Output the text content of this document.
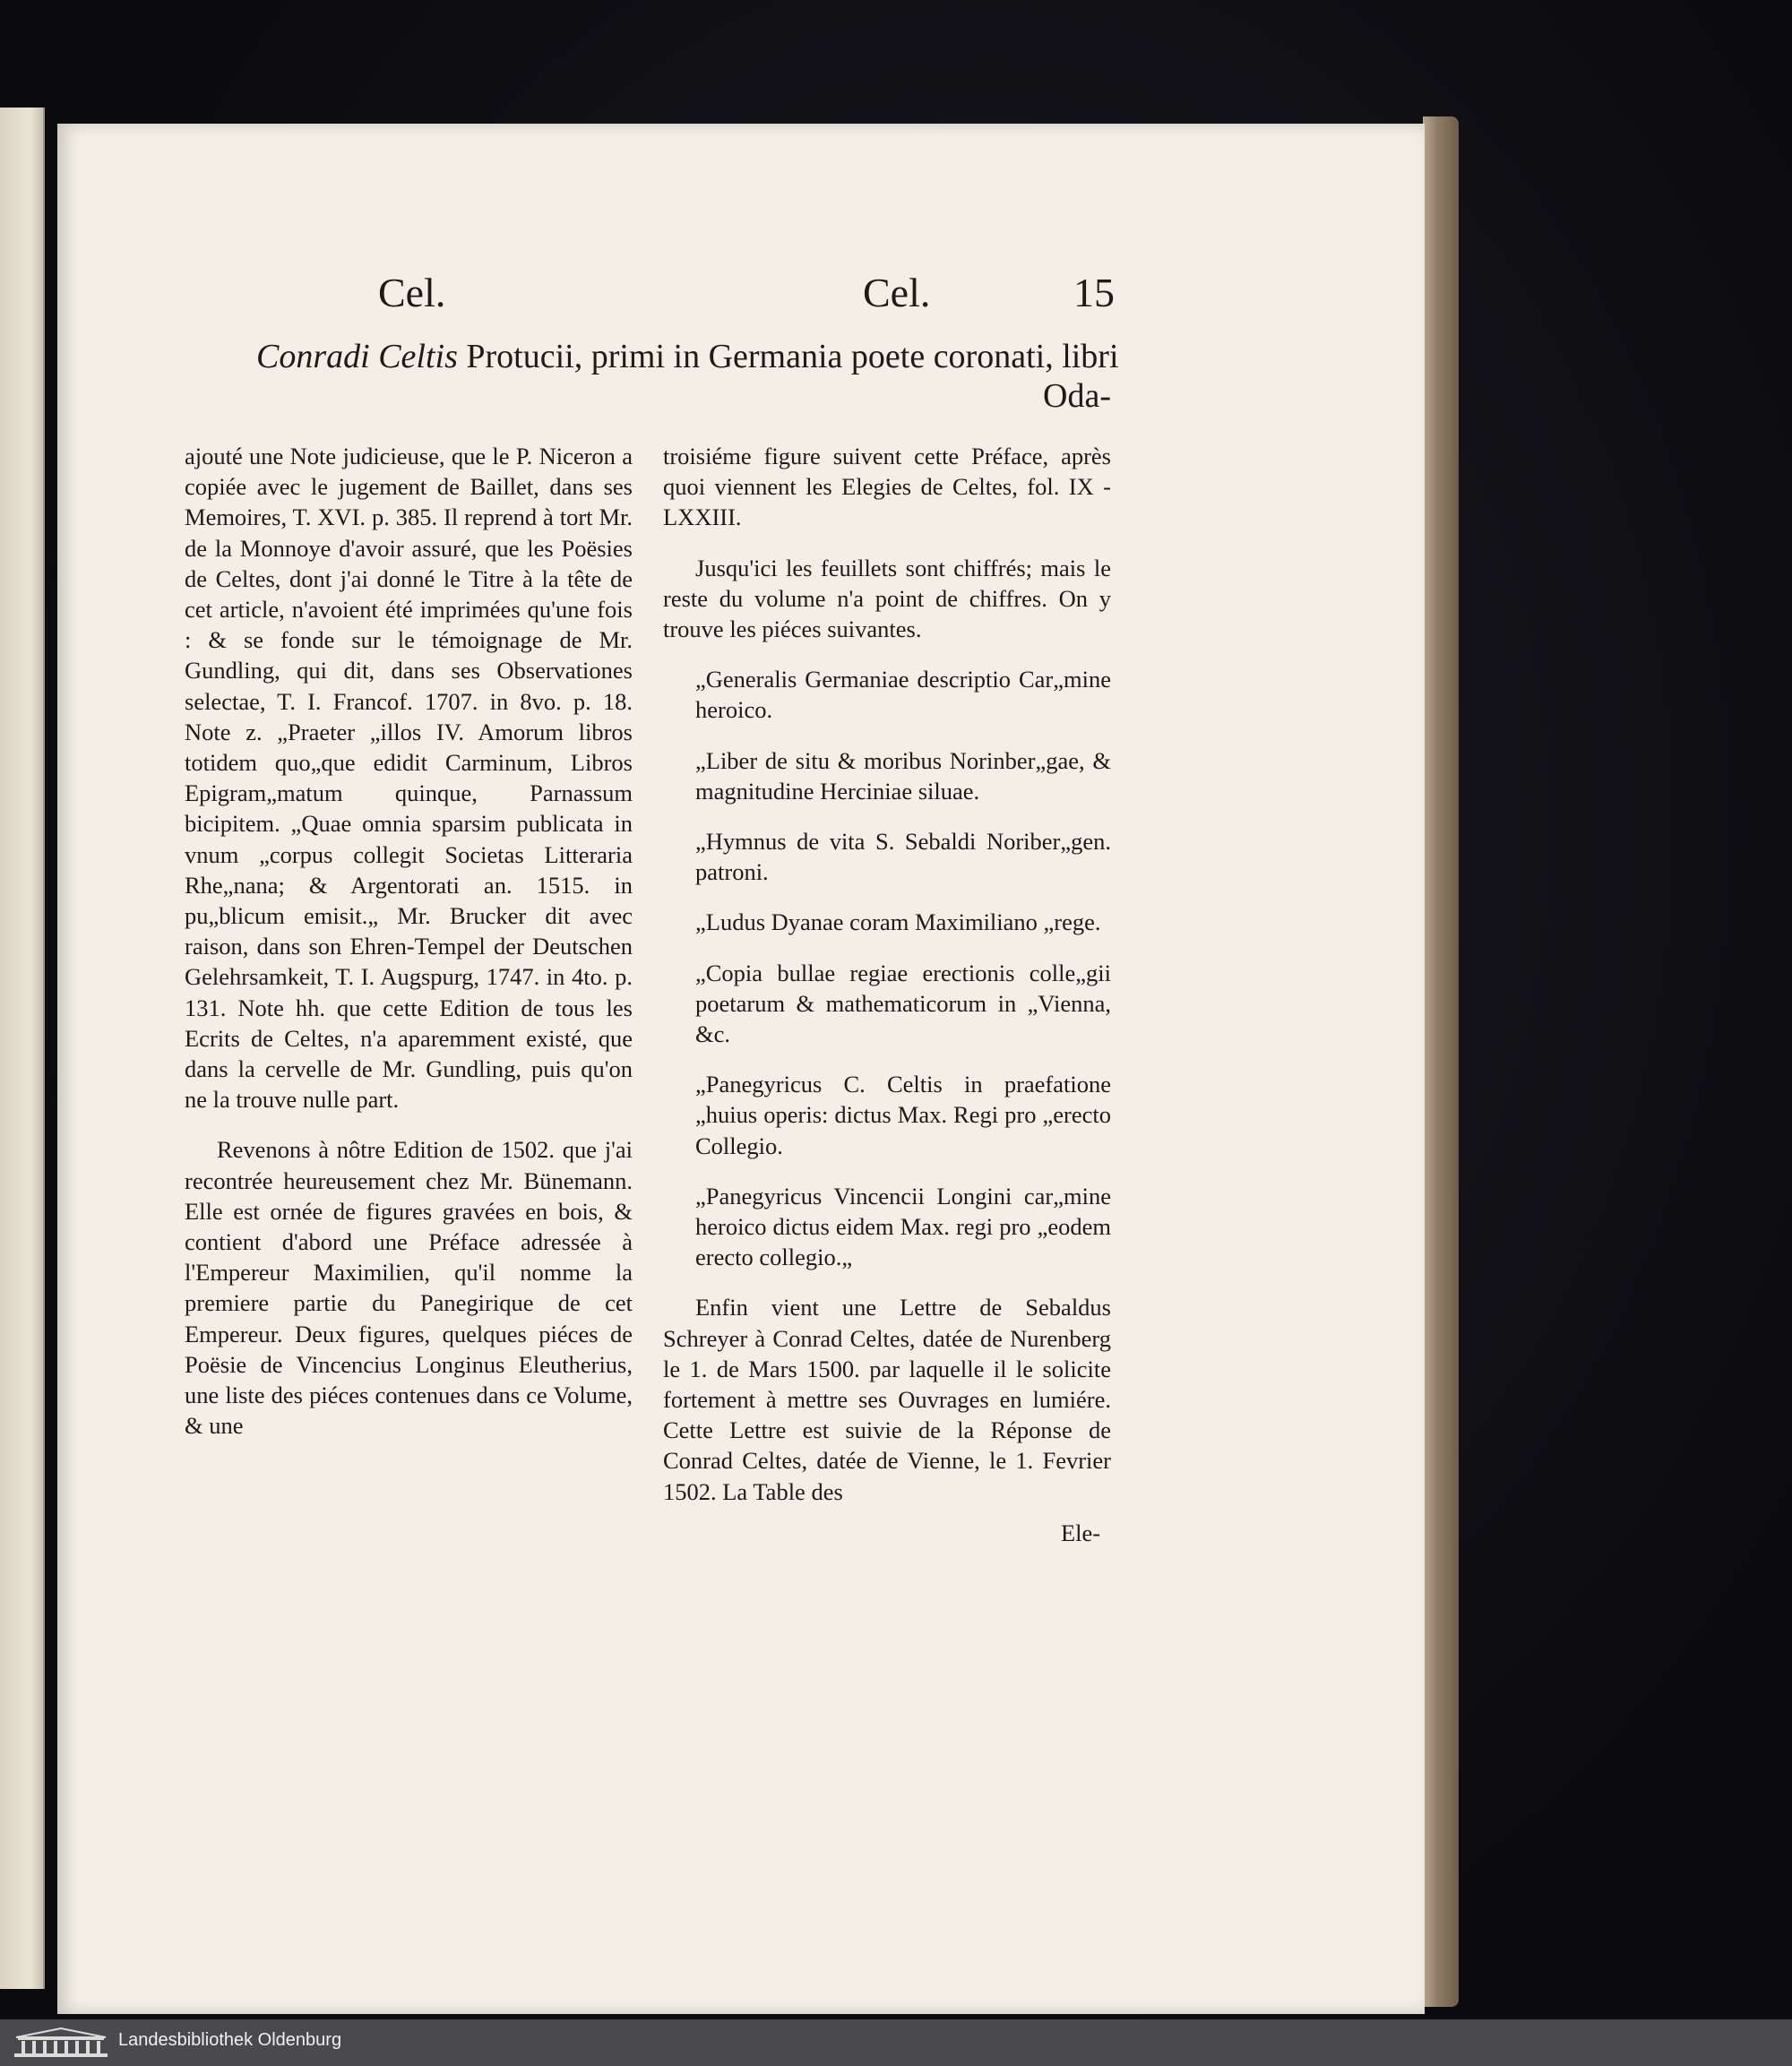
Cel.	Cel.	15
Conradi Celtis Protucii, primi in Germania poete coronati, libri
Oda-

ajouté une Note judicieuse, que le P. Niceron a copiée avec le jugement de Baillet, dans ses Memoires, T. XVI. p. 385. Il reprend à tort Mr. de la Monnoye d'avoir assuré, que les Poësies de Celtes, dont j'ai donné le Titre à la tête de cet article, n'avoient été imprimées qu'une fois : & se fonde sur le témoignage de Mr. Gundling, qui dit, dans ses Observationes selectae, T. I. Francof. 1707. in 8vo. p. 18. Note z. „Praeter „illos IV. Amorum libros totidem quo„que edidit Carminum, Libros Epigram„matum quinque, Parnassum bicipitem. „Quae omnia sparsim publicata in vnum „corpus collegit Societas Litteraria Rhe„nana; & Argentorati an. 1515. in pu„blicum emisit.„ Mr. Brucker dit avec raison, dans son Ehren-Tempel der Deutschen Gelehrsamkeit, T. I. Augspurg, 1747. in 4to. p. 131. Note hh. que cette Edition de tous les Ecrits de Celtes, n'a aparemment existé, que dans la cervelle de Mr. Gundling, puis qu'on ne la trouve nulle part.

Revenons à nôtre Edition de 1502. que j'ai recontrée heureusement chez Mr. Bünemann. Elle est ornée de figures gravées en bois, & contient d'abord une Préface adressée à l'Empereur Maximilien, qu'il nomme la premiere partie du Panegirique de cet Empereur. Deux figures, quelques piéces de Poësie de Vincencius Longinus Eleutherius, une liste des piéces contenues dans ce Volume, & une

troisiéme figure suivent cette Préface, après quoi viennent les Elegies de Celtes, fol. IX - LXXIII.

Jusqu'ici les feuillets sont chiffrés; mais le reste du volume n'a point de chiffres. On y trouve les piéces suivantes.

„Generalis Germaniae descriptio Car„mine heroico.

„Liber de situ & moribus Norinber„gae, & magnitudine Herciniae siluae.

„Hymnus de vita S. Sebaldi Noriber„gen. patroni.

„Ludus Dyanae coram Maximiliano „rege.

„Copia bullae regiae erectionis colle„gii poetarum & mathematicorum in „Vienna, &c.

„Panegyricus C. Celtis in praefatione „huius operis: dictus Max. Regi pro „erecto Collegio.

„Panegyricus Vincencii Longini car„mine heroico dictus eidem Max. regi pro „eodem erecto collegio.„

Enfin vient une Lettre de Sebaldus Schreyer à Conrad Celtes, datée de Nurenberg le 1. de Mars 1500. par laquelle il le solicite fortement à mettre ses Ouvrages en lumiére. Cette Lettre est suivie de la Réponse de Conrad Celtes, datée de Vienne, le 1. Fevrier 1502. La Table des

Ele-
Landesbibliothek Oldenburg
